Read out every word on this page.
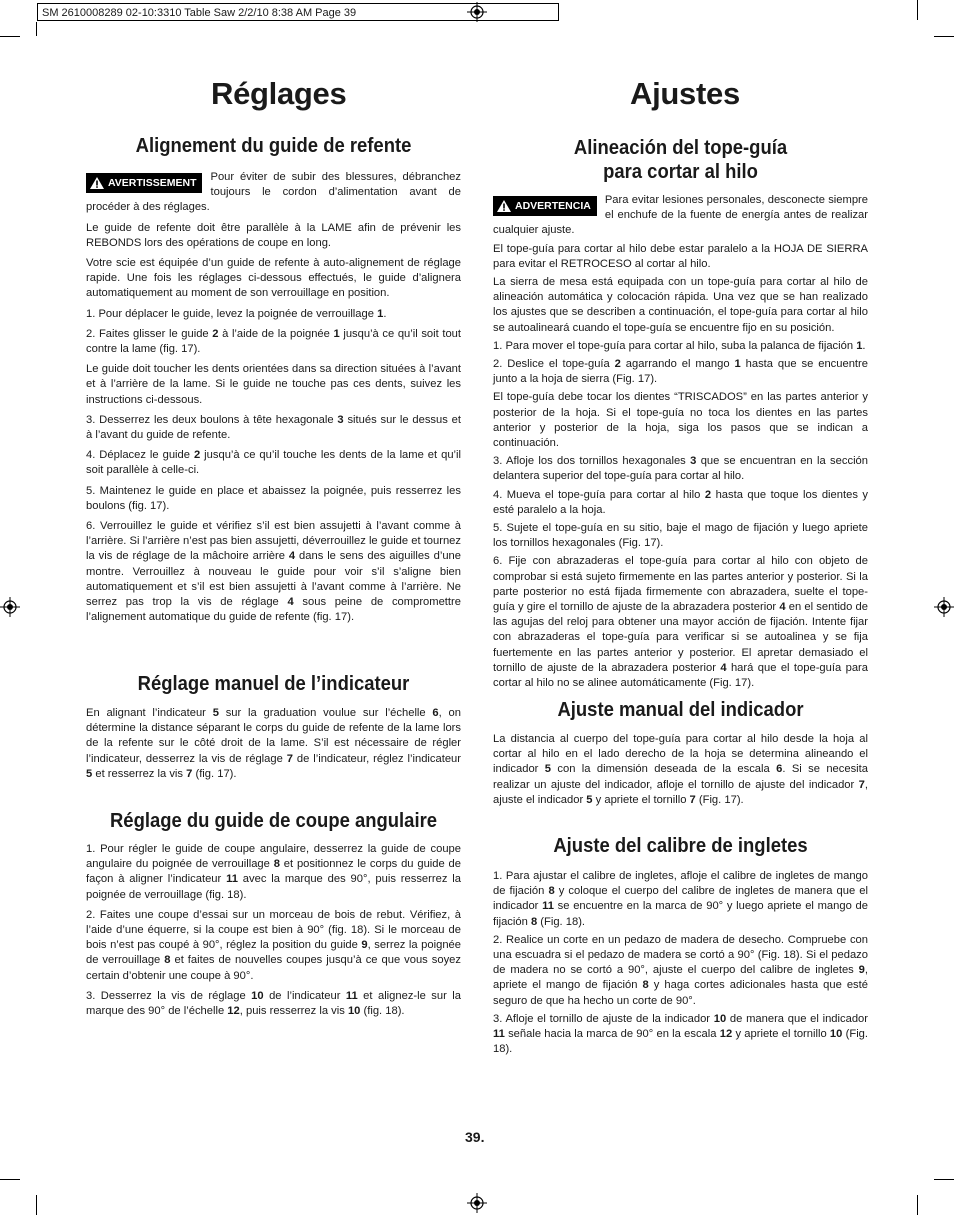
SM 2610008289 02-10:3310 Table Saw 2/2/10 8:38 AM Page 39
Réglages
Alignement du guide de refente
AVERTISSEMENT	Pour éviter de subir des blessures, débranchez toujours le cordon d’alimentation avant de procéder à des réglages.

Le guide de refente doit être parallèle à la LAME afin de prévenir les REBONDS lors des opérations de coupe en long.

Votre scie est équipée d’un guide de refente à auto-alignement de réglage rapide. Une fois les réglages ci-dessous effectués, le guide d’alignera automatiquement au moment de son verrouillage en position.

1. Pour déplacer le guide, levez la poignée de verrouillage 1.

2. Faites glisser le guide 2 à l’aide de la poignée 1 jusqu’à ce qu’il soit tout contre la lame (fig. 17).

Le guide doit toucher les dents orientées dans sa direction situées à l’avant et à l’arrière de la lame. Si le guide ne touche pas ces dents, suivez les instructions ci-dessous.

3. Desserrez les deux boulons à tête hexagonale 3 situés sur le dessus et à l’avant du guide de refente.

4. Déplacez le guide 2 jusqu’à ce qu’il touche les dents de la lame et qu’il soit parallèle à celle-ci.

5. Maintenez le guide en place et abaissez la poignée, puis resserrez les boulons (fig. 17).

6. Verrouillez le guide et vérifiez s’il est bien assujetti à l’avant comme à l’arrière. Si l’arrière n’est pas bien assujetti, déverrouillez le guide et tournez la vis de réglage de la mâchoire arrière 4 dans le sens des aiguilles d’une montre. Verrouillez à nouveau le guide pour voir s’il s’aligne bien automatiquement et s’il est bien assujetti à l’avant comme à l’arrière. Ne serrez pas trop la vis de réglage 4 sous peine de compromettre l’alignement automatique du guide de refente (fig. 17).

Réglage manuel de l’indicateur

En alignant l’indicateur 5 sur la graduation voulue sur l’échelle 6, on détermine la distance séparant le corps du guide de refente de la lame lors de la refente sur le côté droit de la lame. S’il est nécessaire de régler l’indicateur, desserrez la vis de réglage 7 de l’indicateur, réglez l’indicateur 5 et resserrez la vis 7 (fig. 17).

Réglage du guide de coupe angulaire

1. Pour régler le guide de coupe angulaire, desserrez la guide de coupe angulaire du poignée de verrouillage 8 et positionnez le corps du guide de façon à aligner l’indicateur 11 avec la marque des 90°, puis resserrez la poignée de verrouillage (fig. 18).

2. Faites une coupe d’essai sur un morceau de bois de rebut. Vérifiez, à l’aide d’une équerre, si la coupe est bien à 90° (fig. 18). Si le morceau de bois n’est pas coupé à 90°, réglez la position du guide 9, serrez la poignée de verrouillage 8 et faites de nouvelles coupes jusqu’à ce que vous soyez certain d’obtenir une coupe à 90°.

3. Desserrez la vis de réglage 10 de l’indicateur 11 et alignez-le sur la marque des 90° de l’échelle 12, puis resserrez la vis 10 (fig. 18).

Ajustes
Alineación del tope-guía
para cortar al hilo
ADVERTENCIA	Para evitar lesiones personales, desconecte siempre el enchufe de la fuente de energía antes de realizar cualquier ajuste.

El tope-guía para cortar al hilo debe estar paralelo a la HOJA DE SIERRA para evitar el RETROCESO al cortar al hilo.

La sierra de mesa está equipada con un tope-guía para cortar al hilo de alineación automática y colocación rápida. Una vez que se han realizado los ajustes que se describen a continuación, el tope-guía para cortar al hilo se autoalineará cuando el tope-guía se encuentre fijo en su posición.

1. Para mover el tope-guía para cortar al hilo, suba la palanca de fijación 1.

2. Deslice el tope-guía 2 agarrando el mango 1 hasta que se encuentre junto a la hoja de sierra (Fig. 17).

El tope-guía debe tocar los dientes “TRISCADOS” en las partes anterior y posterior de la hoja. Si el tope-guía no toca los dientes en las partes anterior y posterior de la hoja, siga los pasos que se indican a continuación.

3. Afloje los dos tornillos hexagonales 3 que se encuentran en la sección delantera superior del tope-guía para cortar al hilo.

4. Mueva el tope-guía para cortar al hilo 2 hasta que toque los dientes y esté paralelo a la hoja.

5. Sujete el tope-guía en su sitio, baje el mago de fijación y luego apriete los tornillos hexagonales (Fig. 17).

6. Fije con abrazaderas el tope-guía para cortar al hilo con objeto de comprobar si está sujeto firmemente en las partes anterior y posterior. Si la parte posterior no está fijada firmemente con abrazadera, suelte el tope-guía y gire el tornillo de ajuste de la abrazadera posterior 4 en el sentido de las agujas del reloj para obtener una mayor acción de fijación. Intente fijar con abrazaderas el tope-guía para verificar si se autoalinea y se fija fuertemente en las partes anterior y posterior. El apretar demasiado el tornillo de ajuste de la abrazadera posterior 4 hará que el tope-guía para cortar al hilo no se alinee automáticamente (Fig. 17).

Ajuste manual del indicador

La distancia al cuerpo del tope-guía para cortar al hilo desde la hoja al cortar al hilo en el lado derecho de la hoja se determina alineando el indicador 5 con la dimensión deseada de la escala 6. Si se necesita realizar un ajuste del indicador, afloje el tornillo de ajuste del indicador 7, ajuste el indicador 5 y apriete el tornillo 7 (Fig. 17).

Ajuste del calibre de ingletes

1. Para ajustar el calibre de ingletes, afloje el calibre de ingletes de mango de fijación 8 y coloque el cuerpo del calibre de ingletes de manera que el indicador 11 se encuentre en la marca de 90° y luego apriete el mango de fijación 8 (Fig. 18).

2. Realice un corte en un pedazo de madera de desecho. Compruebe con una escuadra si el pedazo de madera se cortó a 90° (Fig. 18). Si el pedazo de madera no se cortó a 90°, ajuste el cuerpo del calibre de ingletes 9, apriete el mango de fijación 8 y haga cortes adicionales hasta que esté seguro de que ha hecho un corte de 90°.

3. Afloje el tornillo de ajuste de la indicador 10 de manera que el indicador 11 señale hacia la marca de 90° en la escala 12 y apriete el tornillo 10 (Fig. 18).

39.
